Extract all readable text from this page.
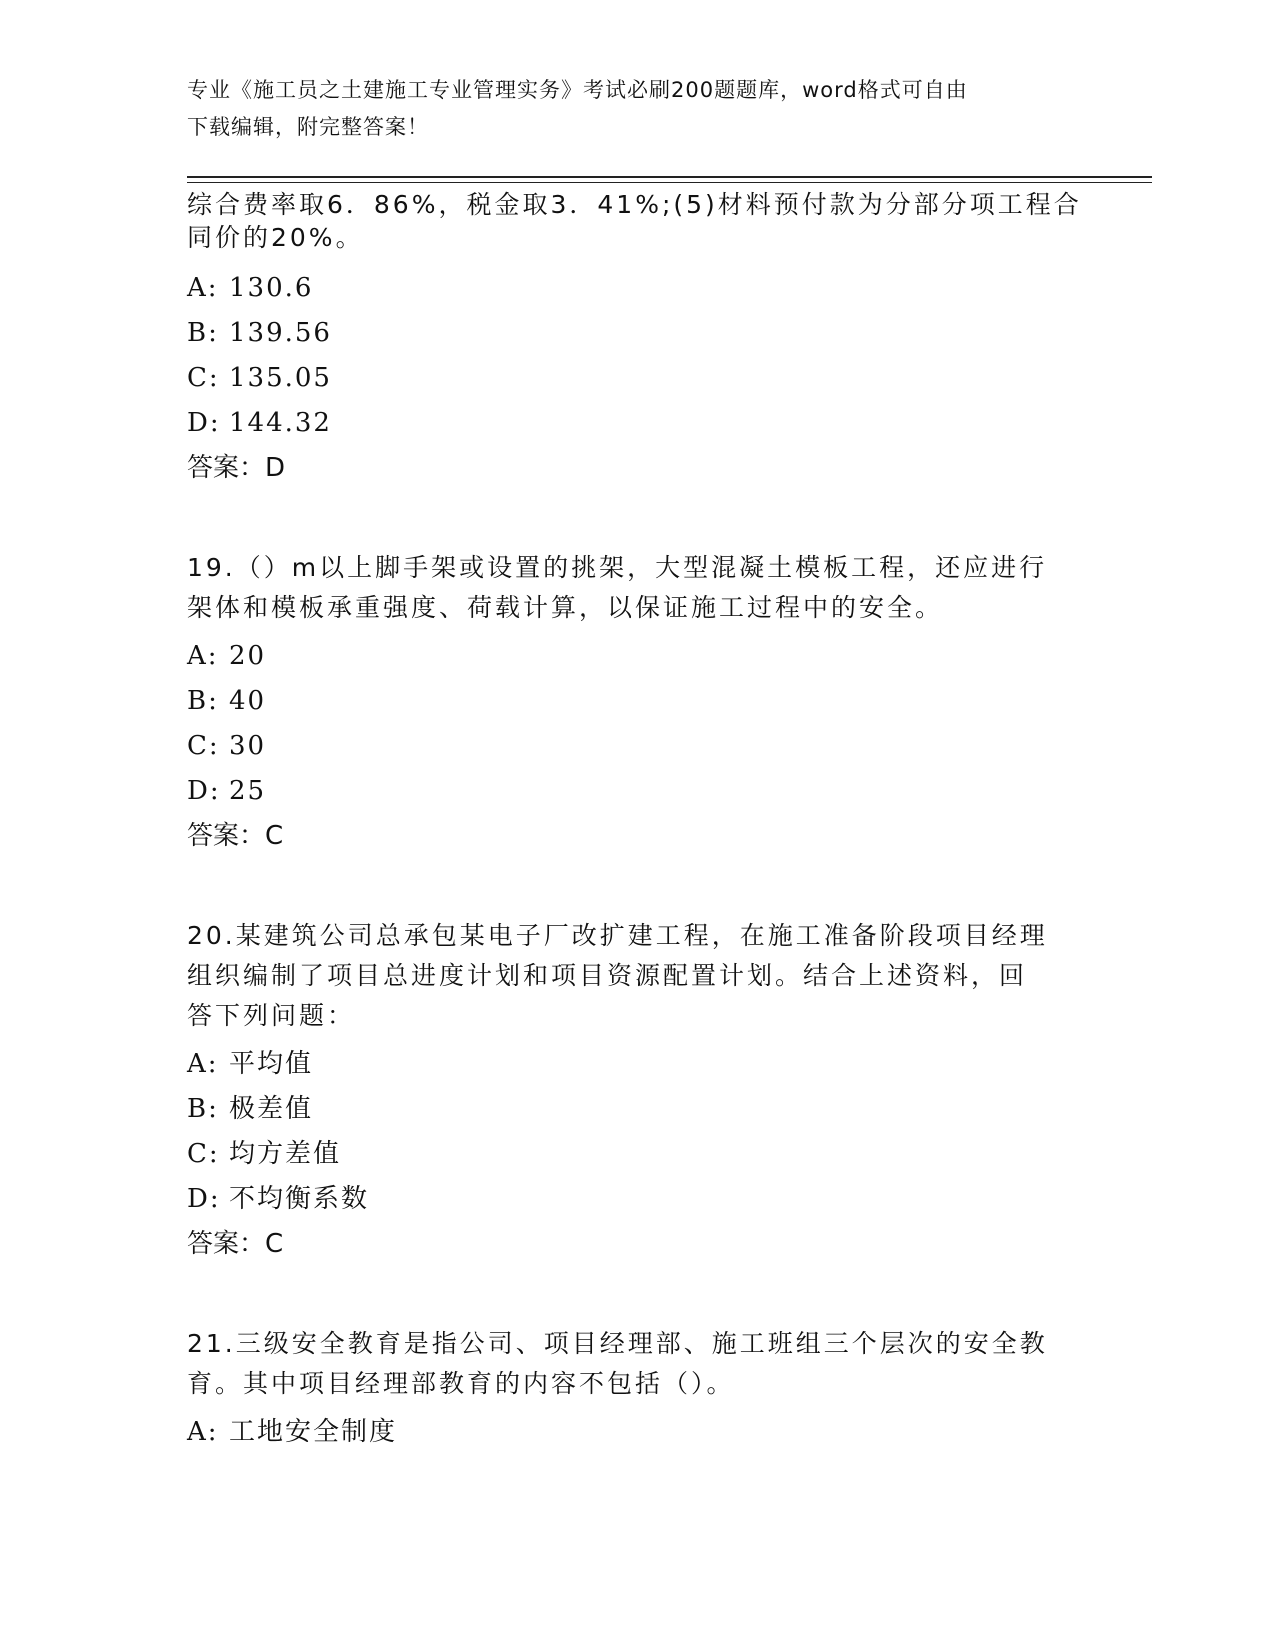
专业《施工员之土建施工专业管理实务》考试必刷200题题库，word格式可自由
下载编辑，附完整答案！

综合费率取6．86%，税金取3．41%;(5)材料预付款为分部分项工程合

同价的20%。

A: 130.6
B: 139.56
C: 135.05
D: 144.32
答案：D

19.（）m以上脚手架或设置的挑架，大型混凝土模板工程，还应进行

架体和模板承重强度、荷载计算，以保证施工过程中的安全。

A: 20
B: 40
C: 30
D: 25
答案：C

20.某建筑公司总承包某电子厂改扩建工程，在施工准备阶段项目经理

组织编制了项目总进度计划和项目资源配置计划。结合上述资料，回

答下列问题：

A: 平均值
B: 极差值
C: 均方差值
D: 不均衡系数
答案：C

21.三级安全教育是指公司、项目经理部、施工班组三个层次的安全教

育。其中项目经理部教育的内容不包括（）。

A: 工地安全制度
